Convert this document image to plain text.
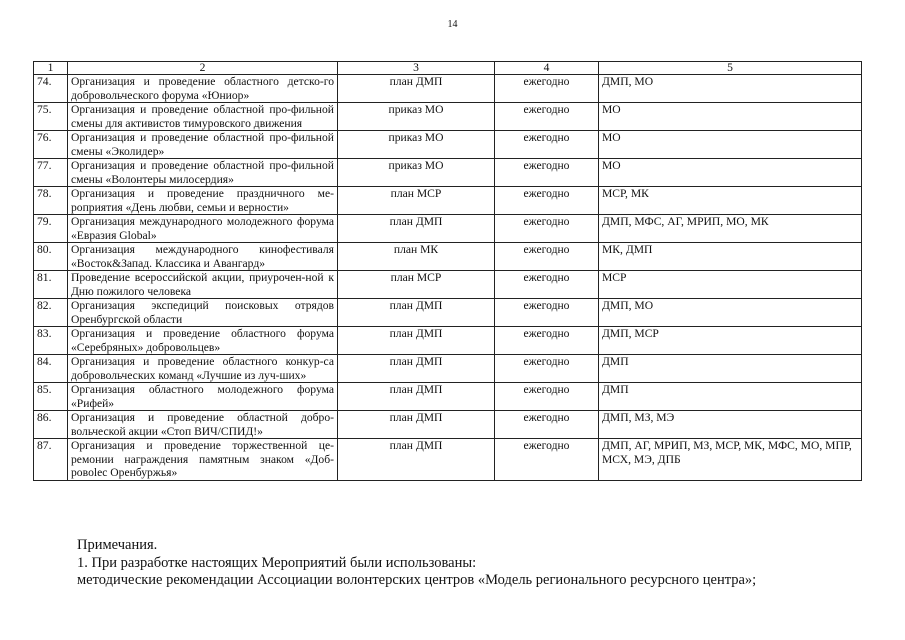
14
1	2	3	4	5
74.	Организация и проведение областного детско-го добровольческого форума «Юниор»	план ДМП	ежегодно	ДМП, МО
75.	Организация и проведение областной про-фильной смены для активистов тимуровского движения	приказ МО	ежегодно	МО
76.	Организация и проведение областной про-фильной смены «Эколидер»	приказ МО	ежегодно	МО
77.	Организация и проведение областной про-фильной смены «Волонтеры милосердия»	приказ МО	ежегодно	МО
78.	Организация и проведение праздничного ме-роприятия «День любви, семьи и верности»	план МСР	ежегодно	МСР, МК
79.	Организация международного молодежного форума «Евразия Global»	план ДМП	ежегодно	ДМП, МФС, АГ, МРИП, МО, МК
80.	Организация международного кинофестиваля «Восток&Запад. Классика и Авангард»	план МК	ежегодно	МК, ДМП
81.	Проведение всероссийской акции, приурочен-ной к Дню пожилого человека	план МСР	ежегодно	МСР
82.	Организация экспедиций поисковых отрядов Оренбургской области	план ДМП	ежегодно	ДМП, МО
83.	Организация и проведение областного форума «Серебряных» добровольцев»	план ДМП	ежегодно	ДМП, МСР
84.	Организация и проведение областного конкур-са добровольческих команд «Лучшие из луч-ших»	план ДМП	ежегодно	ДМП
85.	Организация областного молодежного форума «Рифей»	план ДМП	ежегодно	ДМП
86.	Организация и проведение областной добро-вольческой акции «Стоп ВИЧ/СПИД!»	план ДМП	ежегодно	ДМП, МЗ, МЭ
87.	Организация и проведение торжественной це-ремонии награждения памятным знаком «Доб-ровolec Оренбуржья»	план ДМП	ежегодно	ДМП, АГ, МРИП, МЗ, МСР, МК, МФС, МО, МПР, МСХ, МЭ, ДПБ
Примечания.
1. При разработке настоящих Мероприятий были использованы:
методические рекомендации Ассоциации волонтерских центров «Модель регионального ресурсного центра»;
